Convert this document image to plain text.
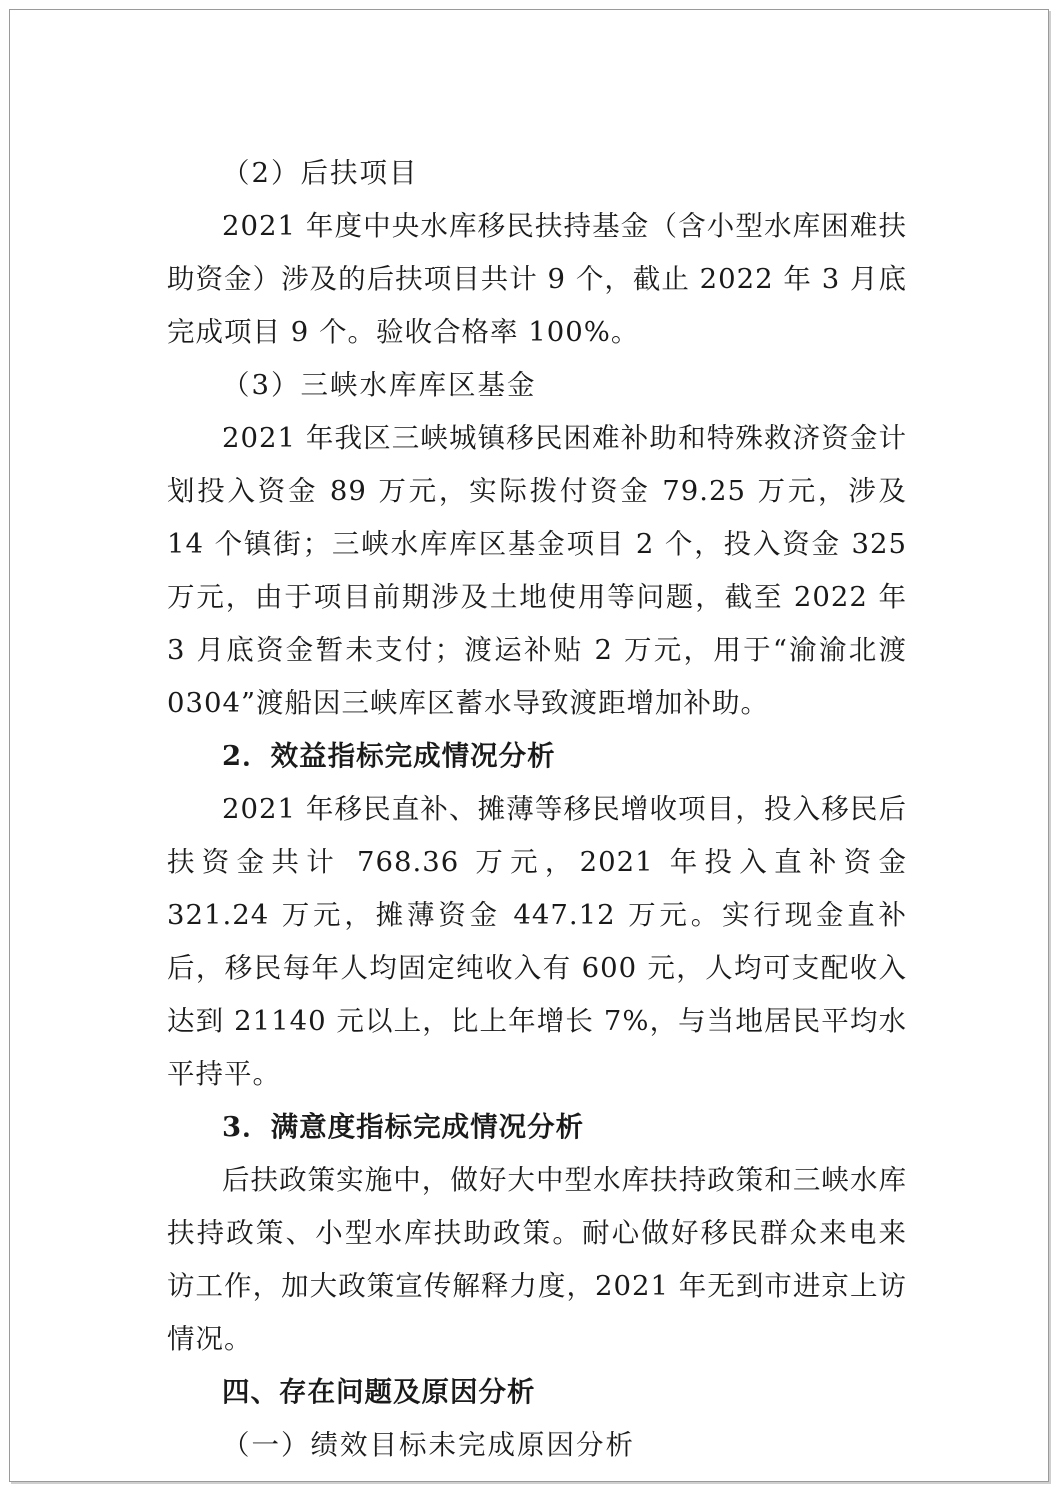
（2）后扶项目

2021 年度中央水库移民扶持基金（含小型水库困难扶助资金）涉及的后扶项目共计 9 个，截止 2022 年 3 月底完成项目 9 个。验收合格率 100%。

（3）三峡水库库区基金

2021 年我区三峡城镇移民困难补助和特殊救济资金计划投入资金 89 万元，实际拨付资金 79.25 万元，涉及 14 个镇街；三峡水库库区基金项目 2 个，投入资金 325 万元，由于项目前期涉及土地使用等问题，截至 2022 年 3 月底资金暂未支付；渡运补贴 2 万元，用于“渝渝北渡 0304”渡船因三峡库区蓄水导致渡距增加补助。

2．效益指标完成情况分析

2021 年移民直补、摊薄等移民增收项目，投入移民后扶资金共计 768.36 万元，2021 年投入直补资金 321.24 万元，摊薄资金 447.12 万元。实行现金直补后，移民每年人均固定纯收入有 600 元，人均可支配收入达到 21140 元以上，比上年增长 7%，与当地居民平均水平持平。

3．满意度指标完成情况分析

后扶政策实施中，做好大中型水库扶持政策和三峡水库扶持政策、小型水库扶助政策。耐心做好移民群众来电来访工作，加大政策宣传解释力度，2021 年无到市进京上访情况。

四、存在问题及原因分析

（一）绩效目标未完成原因分析
